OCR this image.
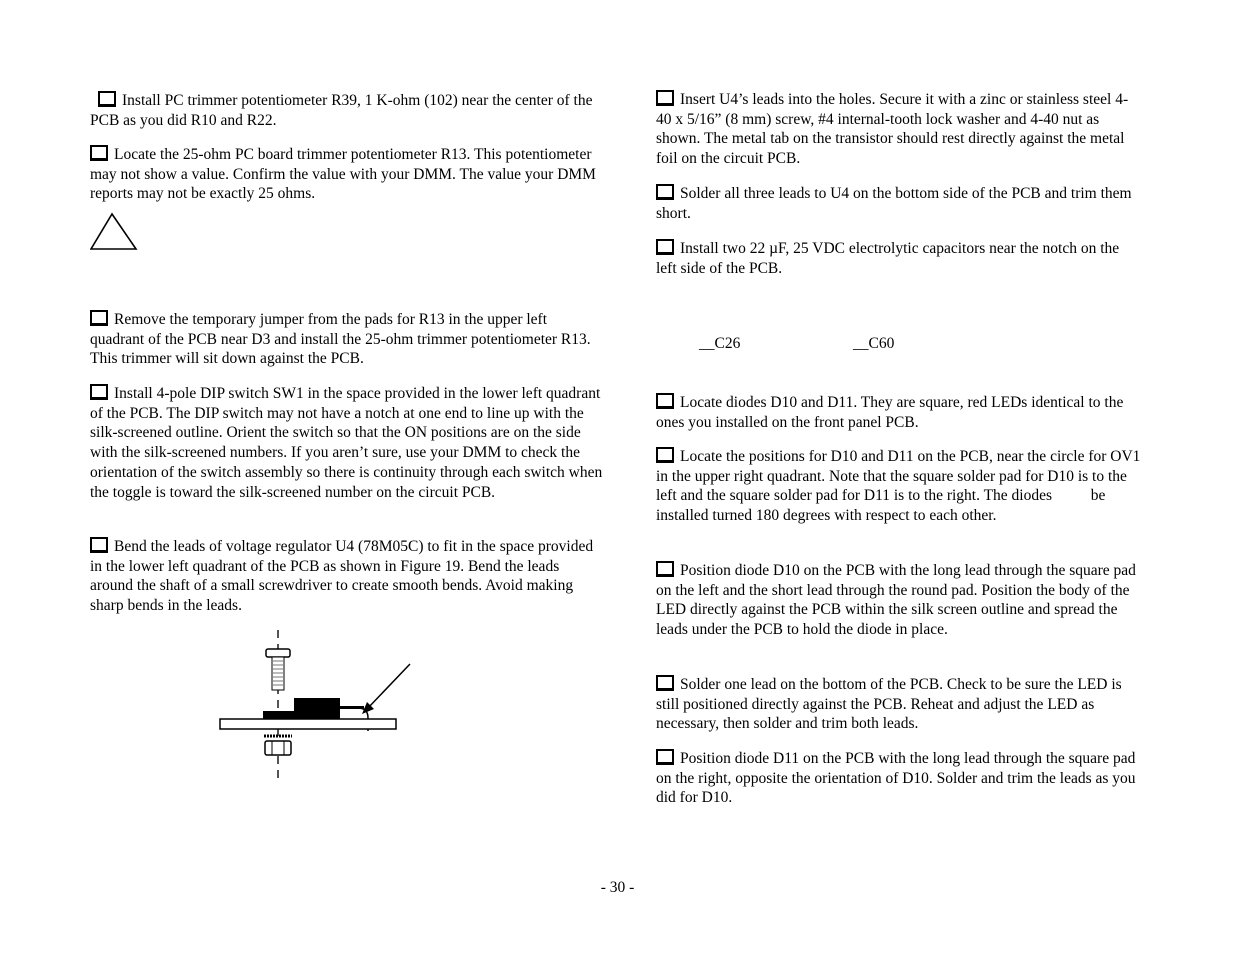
Install PC trimmer potentiometer R39, 1 K-ohm (102) near the center of the PCB as you did R10 and R22.

Locate the 25-ohm PC board trimmer potentiometer R13. This potentiometer may not show a value. Confirm the value with your DMM. The value your DMM reports may not be exactly 25 ohms.

Remove the temporary jumper from the pads for R13 in the upper left quadrant of the PCB near D3 and install the 25-ohm trimmer potentiometer R13. This trimmer will sit down against the PCB.

Install 4-pole DIP switch SW1 in the space provided in the lower left quadrant of the PCB. The DIP switch may not have a notch at one end to line up with the silk-screened outline. Orient the switch so that the ON positions are on the side with the silk-screened numbers. If you aren’t sure, use your DMM to check the orientation of the switch assembly so there is continuity through each switch when the toggle is toward the silk-screened number on the circuit PCB.

Bend the leads of voltage regulator U4 (78M05C) to fit in the space provided in the lower left quadrant of the PCB as shown in Figure 19. Bend the leads around the shaft of a small screwdriver to create smooth bends. Avoid making sharp bends in the leads.

Insert U4’s leads into the holes. Secure it with a zinc or stainless steel 4-40 x 5/16” (8 mm) screw, #4 internal-tooth lock washer and 4-40 nut as shown. The metal tab on the transistor should rest directly against the metal foil on the circuit PCB.

Solder all three leads to U4 on the bottom side of the PCB and trim them short.

Install two 22 µF, 25 VDC electrolytic capacitors near the notch on the left side of the PCB.

__C26	__C60

Locate diodes D10 and D11. They are square, red LEDs identical to the ones you installed on the front panel PCB.

Locate the positions for D10 and D11 on the PCB, near the circle for OV1 in the upper right quadrant. Note that the square solder pad for D10 is to the left and the square solder pad for D11 is to the right. The diodes          be installed turned 180 degrees with respect to each other.

Position diode D10 on the PCB with the long lead through the square pad on the left and the short lead through the round pad. Position the body of the LED directly against the PCB within the silk screen outline and spread the leads under the PCB to hold the diode in place.

Solder one lead on the bottom of the PCB. Check to be sure the LED is still positioned directly against the PCB. Reheat and adjust the LED as necessary, then solder and trim both leads.

Position diode D11 on the PCB with the long lead through the square pad on the right, opposite the orientation of D10. Solder and trim the leads as you did for D10.

- 30 -
